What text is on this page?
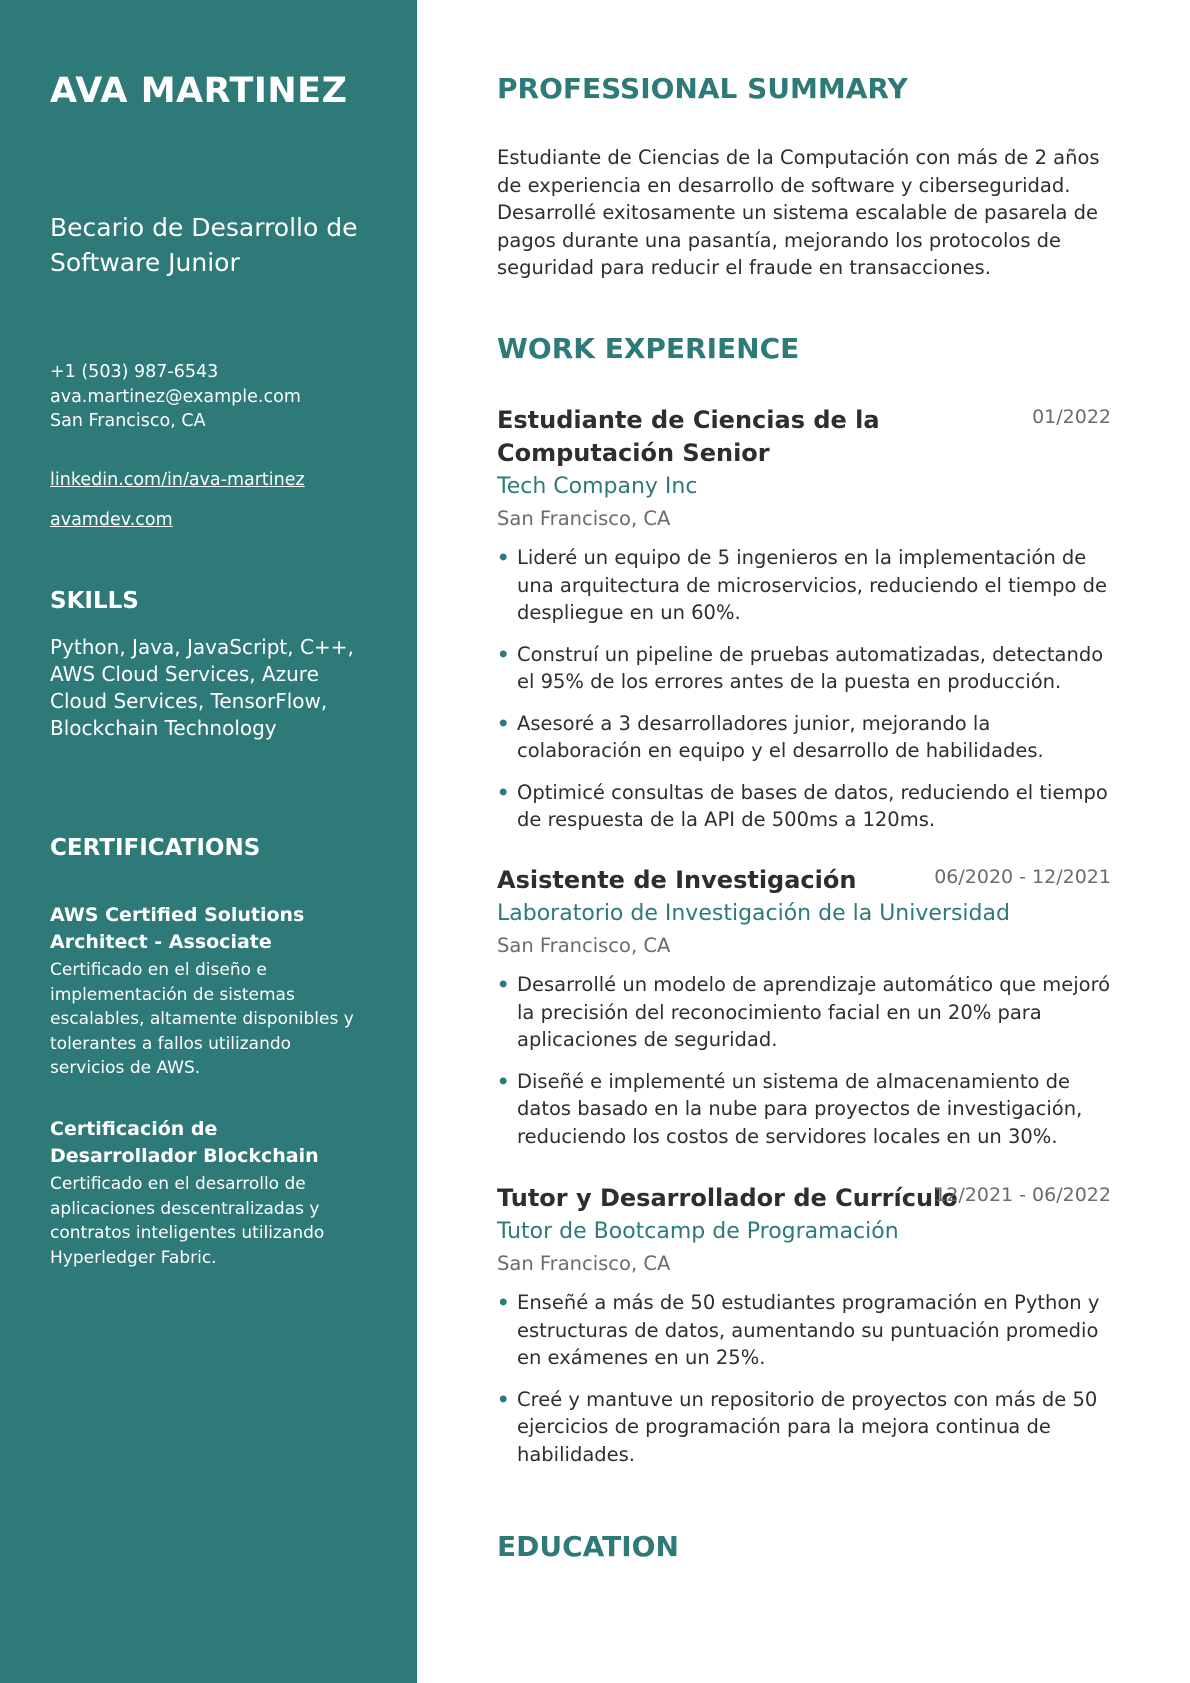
AVA MARTINEZ
Becario de Desarrollo de Software Junior
+1 (503) 987-6543
ava.martinez@example.com
San Francisco, CA
linkedin.com/in/ava-martinez
avamdev.com
SKILLS
Python, Java, JavaScript, C++, AWS Cloud Services, Azure Cloud Services, TensorFlow, Blockchain Technology
CERTIFICATIONS
AWS Certified Solutions Architect - Associate
Certificado en el diseño e implementación de sistemas escalables, altamente disponibles y tolerantes a fallos utilizando servicios de AWS.
Certificación de Desarrollador Blockchain
Certificado en el desarrollo de aplicaciones descentralizadas y contratos inteligentes utilizando Hyperledger Fabric.
PROFESSIONAL SUMMARY

Estudiante de Ciencias de la Computación con más de 2 años de experiencia en desarrollo de software y ciberseguridad. Desarrollé exitosamente un sistema escalable de pasarela de pagos durante una pasantía, mejorando los protocolos de seguridad para reducir el fraude en transacciones.

WORK EXPERIENCE
Estudiante de Ciencias de la Computación Senior
01/2022
Tech Company Inc
San Francisco, CA
• Lideré un equipo de 5 ingenieros en la implementación de una arquitectura de microservicios, reduciendo el tiempo de despliegue en un 60%.
• Construí un pipeline de pruebas automatizadas, detectando el 95% de los errores antes de la puesta en producción.
• Asesoré a 3 desarrolladores junior, mejorando la colaboración en equipo y el desarrollo de habilidades.
• Optimicé consultas de bases de datos, reduciendo el tiempo de respuesta de la API de 500ms a 120ms.
Asistente de Investigación	06/2020 - 12/2021
Laboratorio de Investigación de la Universidad
San Francisco, CA
• Desarrollé un modelo de aprendizaje automático que mejoró la precisión del reconocimiento facial en un 20% para aplicaciones de seguridad.
• Diseñé e implementé un sistema de almacenamiento de datos basado en la nube para proyectos de investigación, reduciendo los costos de servidores locales en un 30%.
Tutor y Desarrollador de Currículo
12/2021 - 06/2022
Tutor de Bootcamp de Programación
San Francisco, CA
• Enseñé a más de 50 estudiantes programación en Python y estructuras de datos, aumentando su puntuación promedio en exámenes en un 25%.
• Creé y mantuve un repositorio de proyectos con más de 50 ejercicios de programación para la mejora continua de habilidades.
EDUCATION
